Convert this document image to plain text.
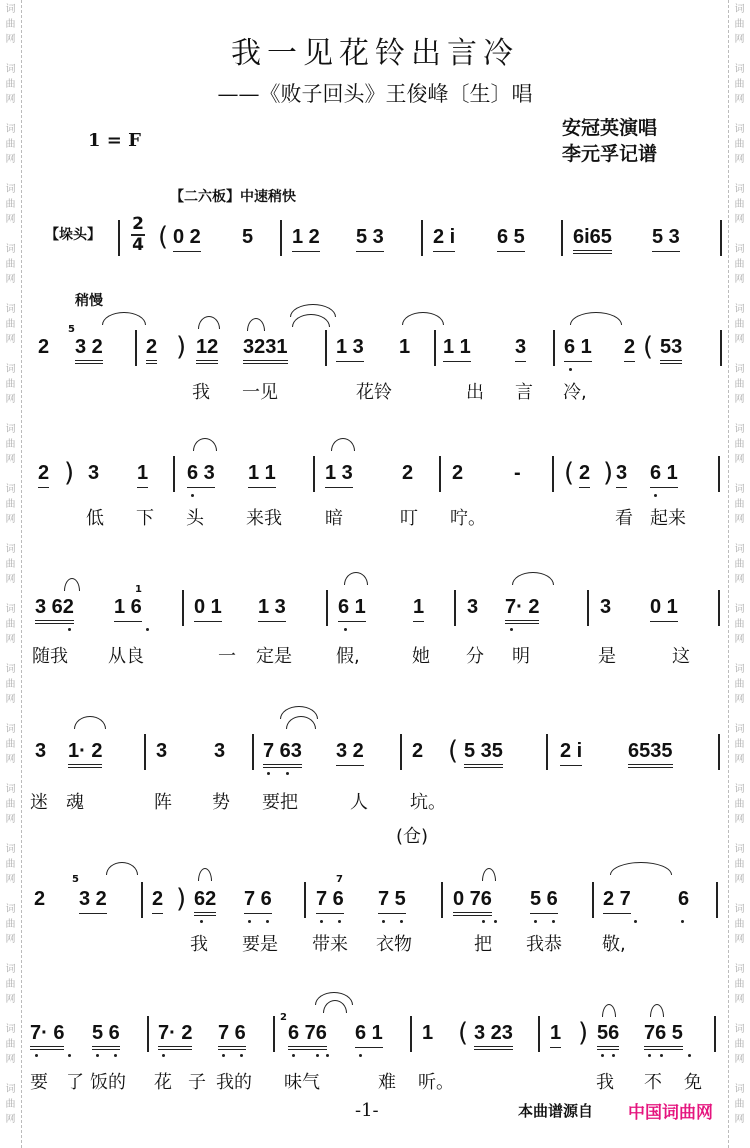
词
曲
网
词
曲
网
词
曲
网
词
曲
网
词
曲
网
词
曲
网
词
曲
网
词
曲
网
词
曲
网
词
曲
网
词
曲
网
词
曲
网
词
曲
网
词
曲
网
词
曲
网
词
曲
网
词
曲
网
词
曲
网
词
曲
网
词
曲
网
词
曲
网
词
曲
网
词
曲
网
词
曲
网
词
曲
网
词
曲
网
词
曲
网
词
曲
网
词
曲
网
词
曲
网
词
曲
网
词
曲
网
词
曲
网
词
曲
网
词
曲
网
词
曲
网
词
曲
网
词
曲
网
我一见花铃出言冷
——《败子回头》王俊峰〔生〕唱
1 = F
安冠英演唱
李元孚记谱
【二六板】中速稍快
【垛头】
2
4 ( 0 2 5 1 2 5 3 2 i 6 5 6i65 5 3
稍慢
5
2 3 2 2 ) 12 3231 1 3 1 1 1 3 6 1 2 ( 53
我 一见	花铃	出 言 冷,
2 ) 3 1 6 3 1 1 1 3 2 2	- ( 2 ) 3 6 1
低 下 头 来我 暗	叮 咛。	看 起来
3 62
1
1 6	0 1 1 3	6 1 1 3 7· 2	3 0 1
随我 从良	一 定是 假,	她 分 明	是	这
3 1· 2	3 3 7 63 3 2 2 ( 5 35	2 i 6535
迷 魂	阵 势 要把	人 坑。
(仓)
5
2 3 2 2 ) 62 7 6
7
7 6 7 5 0 76 5 6 2 7 6
我 要是 带来 衣物	把 我恭 敬,
7· 6 5 6 7· 2 7 6
2
6 76 6 1 1 ( 3 23 1 ) 56 76 5
要 了 饭的 花 子 我的 味气	难 听。	我 不 免
-1-	本曲谱源自 中国词曲网
